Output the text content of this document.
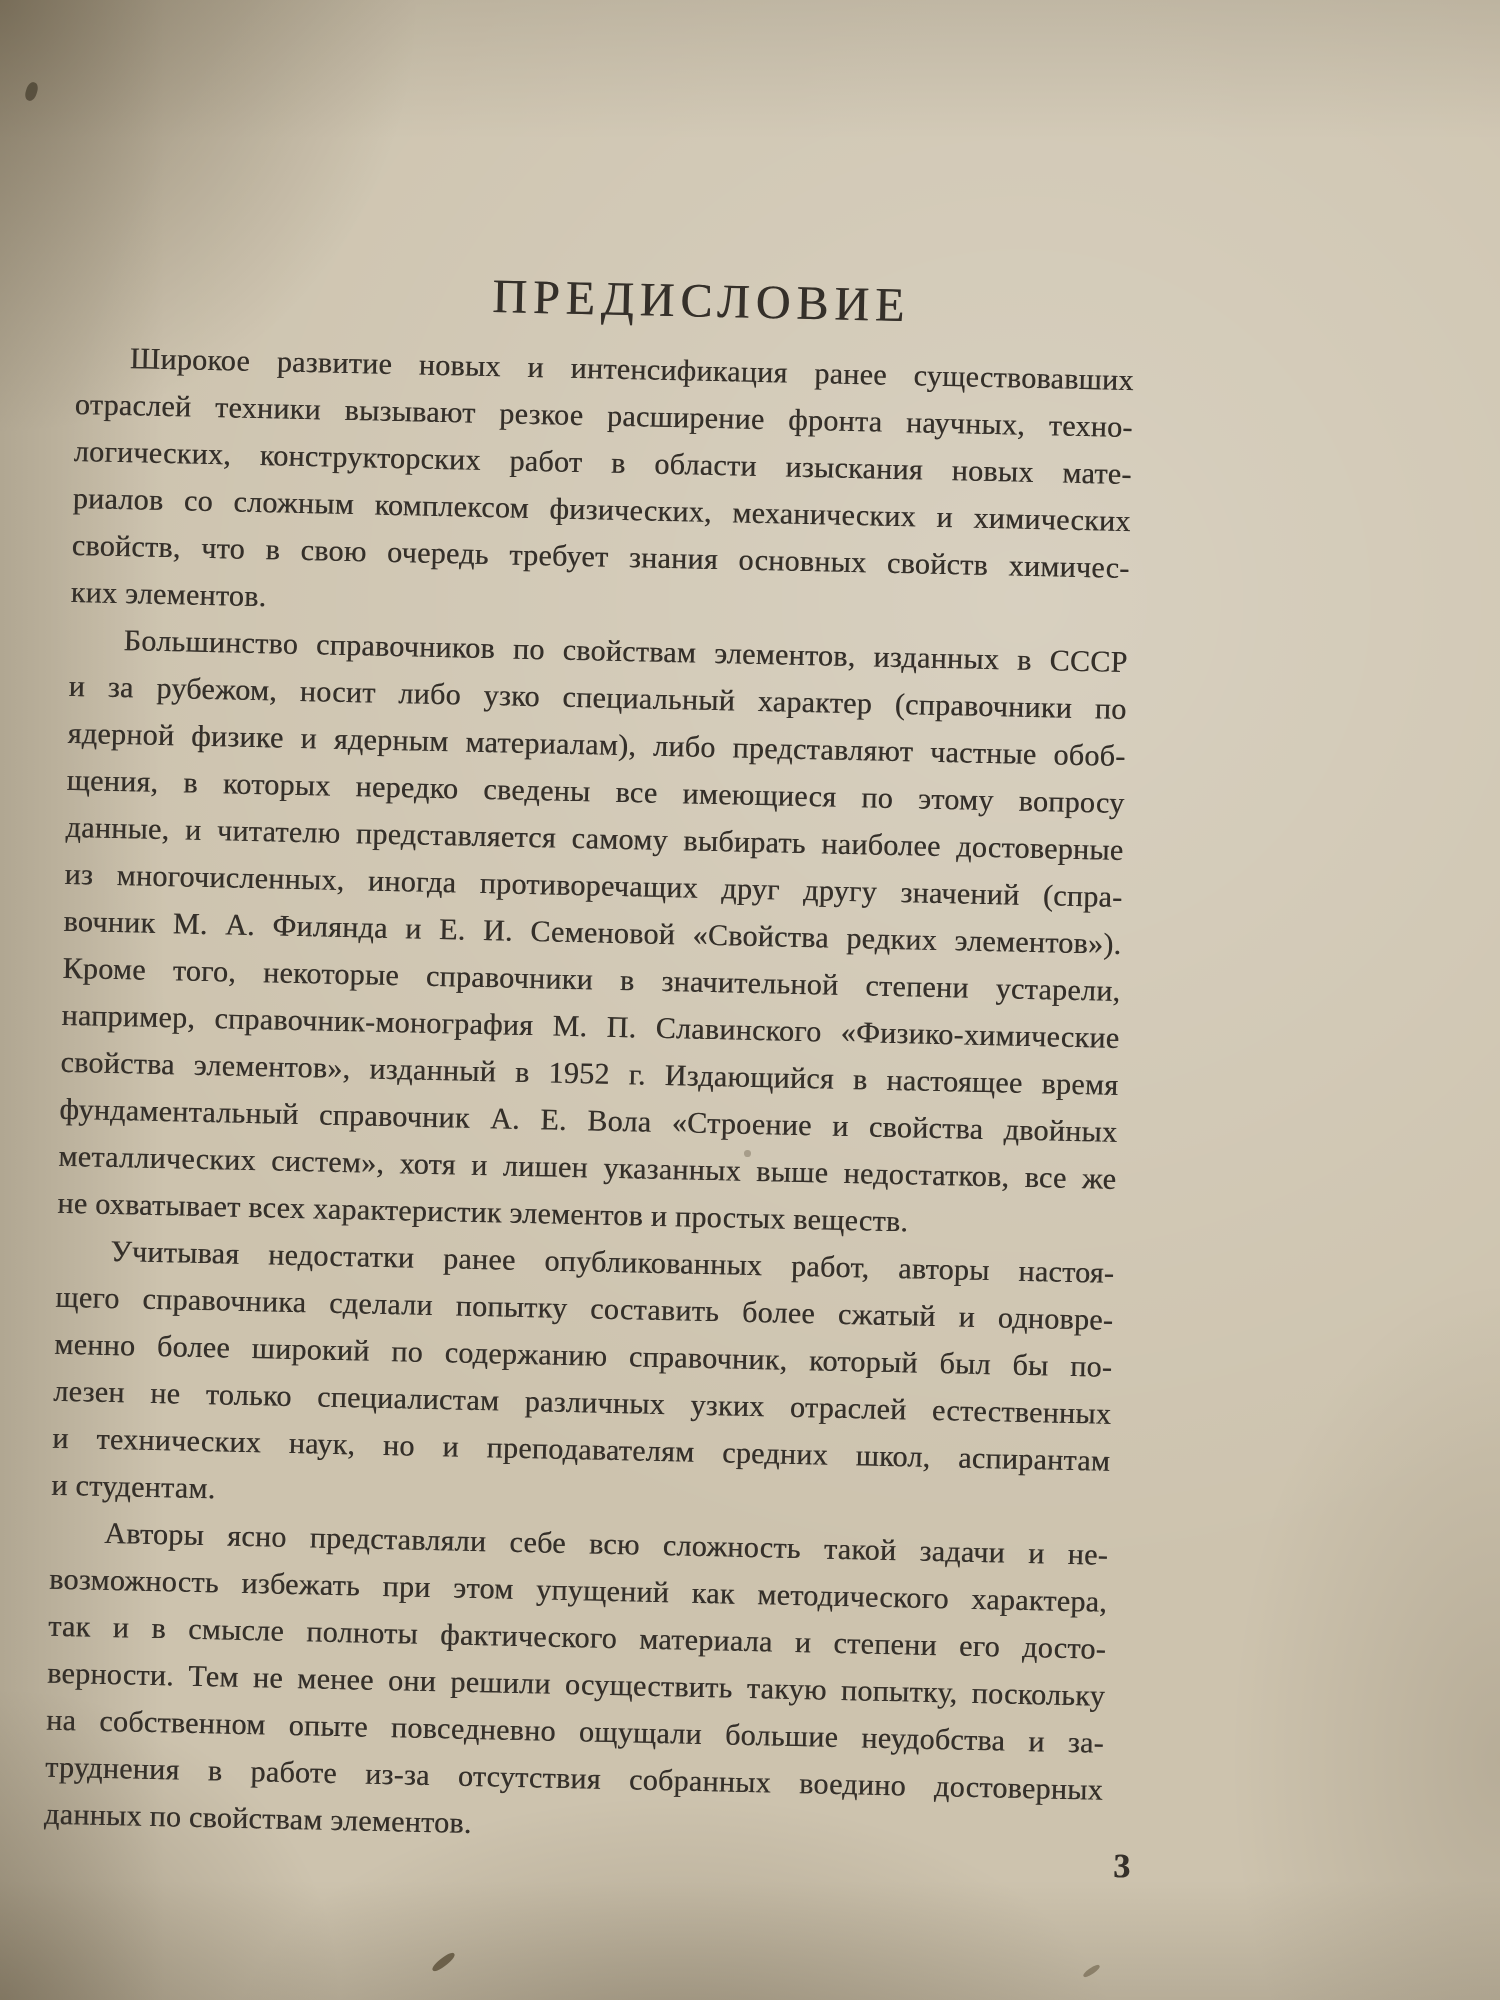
ПРЕДИСЛОВИЕ
Широкое развитие новых и интенсификация ранее существовавших
отраслей техники вызывают резкое расширение фронта научных, техно-
логических, конструкторских работ в области изыскания новых мате-
риалов со сложным комплексом физических, механических и химических
свойств, что в свою очередь требует знания основных свойств химичес-
ких элементов.
Большинство справочников по свойствам элементов, изданных в СССР
и за рубежом, носит либо узко специальный характер (справочники по
ядерной физике и ядерным материалам), либо представляют частные обоб-
щения, в которых нередко сведены все имеющиеся по этому вопросу
данные, и читателю представляется самому выбирать наиболее достоверные
из многочисленных, иногда противоречащих друг другу значений (спра-
вочник М. А. Филянда и Е. И. Семеновой «Свойства редких элементов»).
Кроме того, некоторые справочники в значительной степени устарели,
например, справочник-монография М. П. Славинского «Физико-химические
свойства элементов», изданный в 1952 г. Издающийся в настоящее время
фундаментальный справочник А. Е. Вола «Строение и свойства двойных
металлических систем», хотя и лишен указанных выше недостатков, все же
не охватывает всех характеристик элементов и простых веществ.
Учитывая недостатки ранее опубликованных работ, авторы настоя-
щего справочника сделали попытку составить более сжатый и одновре-
менно более широкий по содержанию справочник, который был бы по-
лезен не только специалистам различных узких отраслей естественных
и технических наук, но и преподавателям средних школ, аспирантам
и студентам.
Авторы ясно представляли себе всю сложность такой задачи и не-
возможность избежать при этом упущений как методического характера,
так и в смысле полноты фактического материала и степени его досто-
верности. Тем не менее они решили осуществить такую попытку, поскольку
на собственном опыте повседневно ощущали большие неудобства и за-
труднения в работе из-за отсутствия собранных воедино достоверных
данных по свойствам элементов.
3
